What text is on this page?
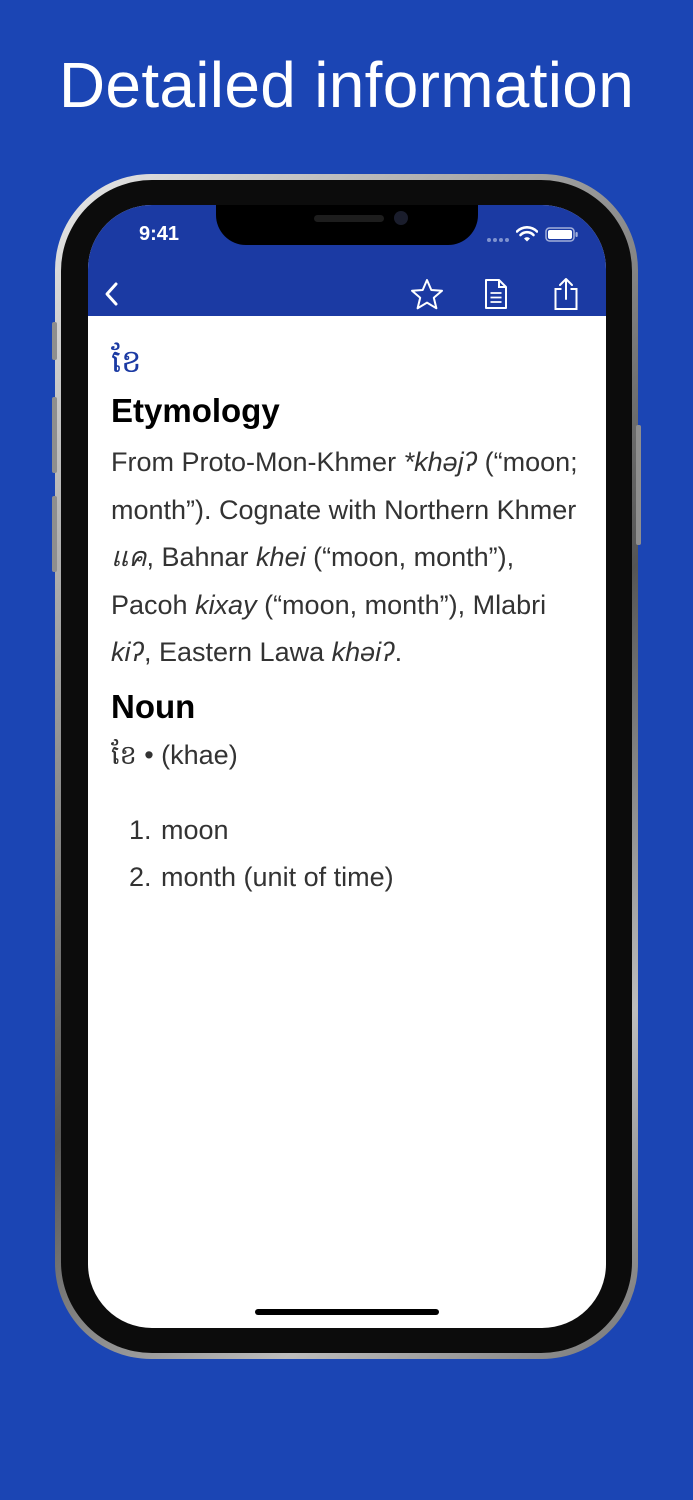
Detailed information
9:41
ខែ
Etymology
From Proto-Mon-Khmer *khəjʔ (“moon; month”). Cognate with Northern Khmer แค, Bahnar khei (“moon, month”), Pacoh kixay (“moon, month”), Mlabri kiʔ, Eastern Lawa khəiʔ.
Noun
ខែ • (khae)
1. moon
2. month (unit of time)
